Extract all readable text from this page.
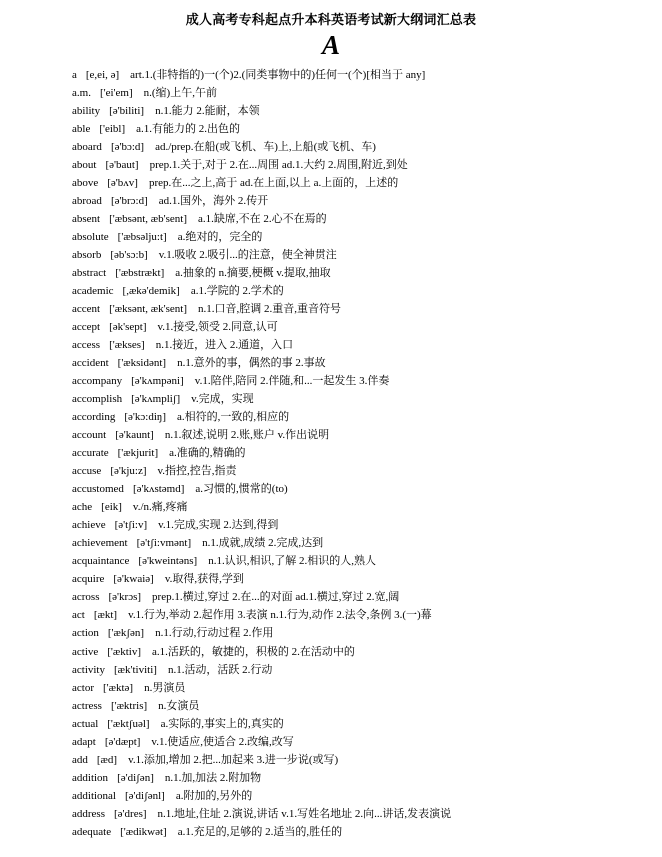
成人高考专科起点升本科英语考试新大纲词汇总表
A
a [e,ei, ə] art.1.(非特指的)一(个)2.(同类事物中的)任何一(个)[相当于 any]
a.m. ['ei'em] n.(缩)上午,午前
ability [ə'biliti] n.1.能力 2.能耐，本领
able ['eibl] a.1.有能力的 2.出色的
aboard [ə'bɔ:d] ad./prep.在船(或飞机、车)上,上船(或飞机、车)
about [ə'baut] prep.1.关于,对于 2.在...周围 ad.1.大约 2.周围,附近,到处
above [ə'bʌv] prep.在...之上,高于 ad.在上面,以上 a.上面的，上述的
abroad [ə'brɔ:d] ad.1.国外，海外 2.传开
absent ['æbsənt, æb'sent] a.1.缺席,不在 2.心不在焉的
absolute ['æbsəlju:t] a.绝对的，完全的
absorb [əb'sɔ:b] v.1.吸收 2.吸引...的注意，使全神贯注
abstract ['æbstrækt] a.抽象的 n.摘要,梗概 v.提取,抽取
academic [,ækə'demik] a.1.学院的 2.学术的
accent ['æksənt, æk'sent] n.1.口音,腔调 2.重音,重音符号
accept [ək'sept] v.1.接受,领受 2.同意,认可
access ['ækses] n.1.接近，进入 2.通道，入口
accident ['æksidənt] n.1.意外的事，偶然的事 2.事故
accompany [ə'kʌmpəni] v.1.陪伴,陪同 2.伴随,和...一起发生 3.伴奏
accomplish [ə'kʌmpliʃ] v.完成，实现
according [ə'kɔ:diŋ] a.相符的,一致的,相应的
account [ə'kaunt] n.1.叙述,说明 2.账,账户 v.作出说明
accurate ['ækjurit] a.准确的,精确的
accuse [ə'kju:z] v.指控,控告,指责
accustomed [ə'kʌstəmd] a.习惯的,惯常的(to)
ache [eik] v./n.痛,疼痛
achieve [ə'tʃi:v] v.1.完成,实现 2.达到,得到
achievement [ə'tʃi:vmənt] n.1.成就,成绩 2.完成,达到
acquaintance [ə'kweintəns] n.1.认识,相识,了解 2.相识的人,熟人
acquire [ə'kwaiə] v.取得,获得,学到
across [ə'krɔs] prep.1.横过,穿过 2.在...的对面 ad.1.横过,穿过 2.宽,阔
act [ækt] v.1.行为,举动 2.起作用 3.表演 n.1.行为,动作 2.法令,条例 3.(一)幕
action ['ækʃən] n.1.行动,行动过程 2.作用
active ['æktiv] a.1.活跃的，敏捷的，积极的 2.在活动中的
activity [æk'tiviti] n.1.活动，活跃 2.行动
actor ['æktə] n.男演员
actress ['æktris] n.女演员
actual ['æktʃuəl] a.实际的,事实上的,真实的
adapt [ə'dæpt] v.1.使适应,使适合 2.改编,改写
add [æd] v.1.添加,增加 2.把...加起来 3.进一步说(或写)
addition [ə'diʃən] n.1.加,加法 2.附加物
additional [ə'diʃənl] a.附加的,另外的
address [ə'dres] n.1.地址,住址 2.演说,讲话 v.1.写姓名地址 2.向...讲话,发表演说
adequate ['ædikwət] a.1.充足的,足够的 2.适当的,胜任的
